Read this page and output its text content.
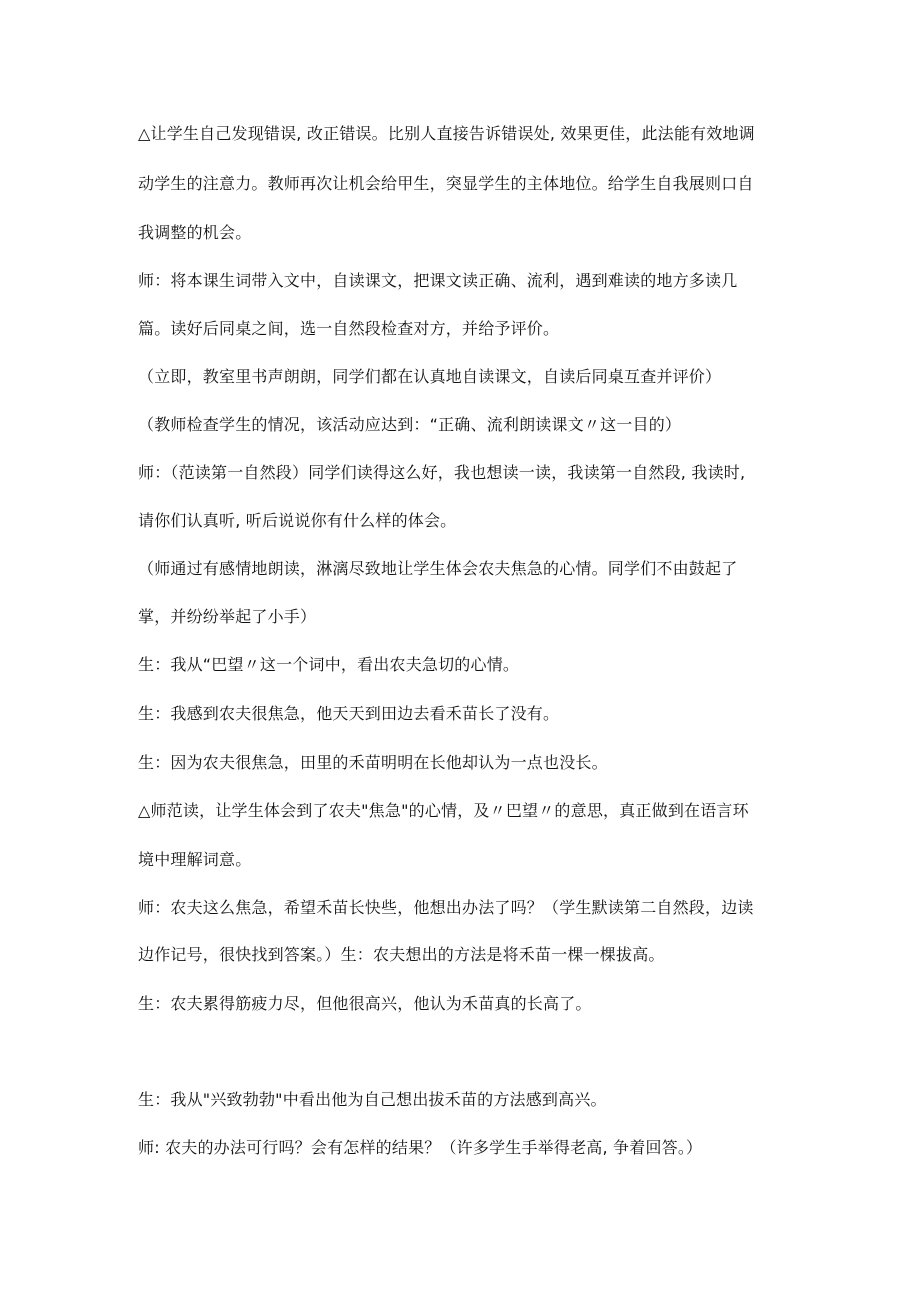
△让学生自己发现错误, 改正错误。比别人直接告诉错误处, 效果更佳，此法能有效地调
动学生的注意力。教师再次让机会给甲生，突显学生的主体地位。给学生自我展则口自
我调整的机会。
师：将本课生词带入文中，自读课文，把课文读正确、流利，遇到难读的地方多读几
篇。读好后同桌之间，选一自然段检查对方，并给予评价。
（立即，教室里书声朗朗，同学们都在认真地自读课文，自读后同桌互查并评价）
（教师检查学生的情况，该活动应达到：“正确、流利朗读课文〃这一目的）
师：（范读第一自然段）同学们读得这么好，我也想读一读，我读第一自然段, 我读时,
请你们认真听, 听后说说你有什么样的体会。
（师通过有感情地朗读，淋漓尽致地让学生体会农夫焦急的心情。同学们不由鼓起了
掌，并纷纷举起了小手）
生：我从“巴望〃这一个词中，看出农夫急切的心情。
生：我感到农夫很焦急，他天天到田边去看禾苗长了没有。
生：因为农夫很焦急，田里的禾苗明明在长他却认为一点也没长。
△师范读，让学生体会到了农夫"焦急"的心情，及〃巴望〃的意思，真正做到在语言环
境中理解词意。
师：农夫这么焦急，希望禾苗长快些，他想出办法了吗？（学生默读第二自然段，边读
边作记号，很快找到答案。）生：农夫想出的方法是将禾苗一棵一棵拔高。
生：农夫累得筋疲力尽，但他很高兴，他认为禾苗真的长高了。
生：我从"兴致勃勃"中看出他为自己想出拔禾苗的方法感到高兴。
师: 农夫的办法可行吗？会有怎样的结果？（许多学生手举得老高, 争着回答。）
